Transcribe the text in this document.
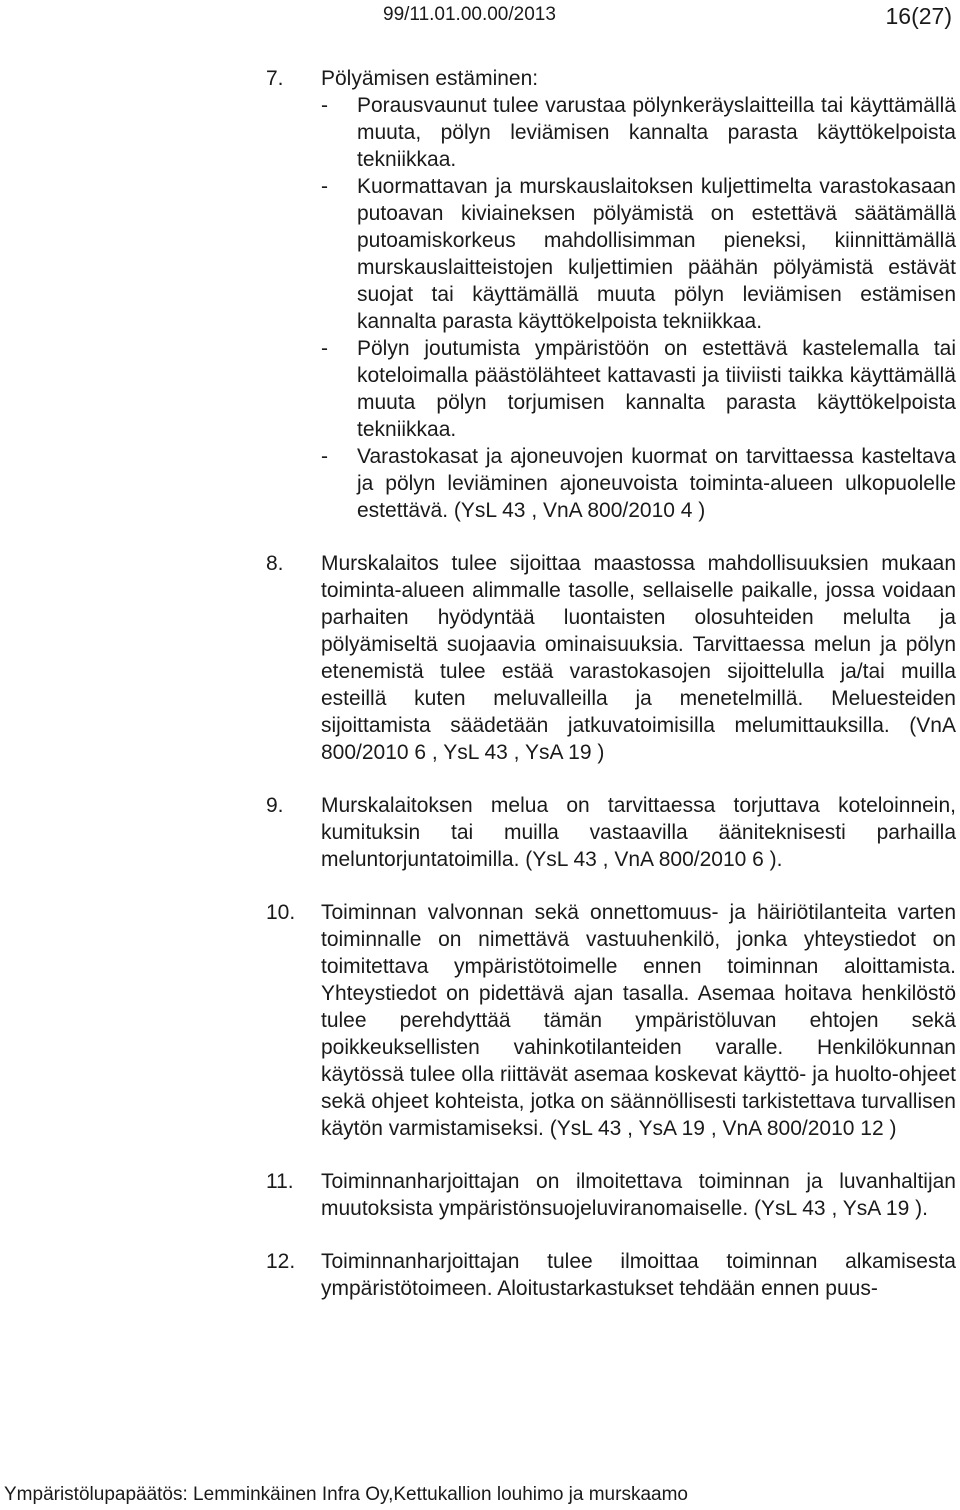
99/11.01.00.00/2013	16(27)
7. Pölyämisen estäminen:

- Porausvaunut tulee varustaa pölynkeräyslaitteilla tai käyttämällä muuta, pölyn leviämisen kannalta parasta käyttökelpoista tekniikkaa.
- Kuormattavan ja murskauslaitoksen kuljettimelta varastokasaan putoavan kiviaineksen pölyämistä on estettävä säätämällä putoamiskorkeus mahdollisimman pieneksi, kiinnittämällä murskauslaitteistojen kuljettimien päähän pölyämistä estävät suojat tai käyttämällä muuta pölyn leviämisen estämisen kannalta parasta käyttökelpoista tekniikkaa.
- Pölyn joutumista ympäristöön on estettävä kastelemalla tai koteloimalla päästölähteet kattavasti ja tiiviisti taikka käyttämällä muuta pölyn torjumisen kannalta parasta käyttökelpoista tekniikkaa.
- Varastokasat ja ajoneuvojen kuormat on tarvittaessa kasteltava ja pölyn leviäminen ajoneuvoista toiminta-alueen ulkopuolelle estettävä. (YsL 43 , VnA 800/2010 4 )
8. Murskalaitos tulee sijoittaa maastossa mahdollisuuksien mukaan toiminta-alueen alimmalle tasolle, sellaiselle paikalle, jossa voidaan parhaiten hyödyntää luontaisten olosuhteiden melulta ja pölyämiseltä suojaavia ominaisuuksia. Tarvittaessa melun ja pölyn etenemistä tulee estää varastokasojen sijoittelulla ja/tai muilla esteillä kuten meluvalleilla ja menetelmillä. Meluesteiden sijoittamista säädetään jatkuvatoimisilla melumittauksilla. (VnA 800/2010 6 , YsL 43 , YsA 19 )

9. Murskalaitoksen melua on tarvittaessa torjuttava koteloinnein, kumituksin tai muilla vastaavilla ääniteknisesti parhailla meluntorjuntatoimilla. (YsL 43 , VnA 800/2010 6 ).

10. Toiminnan valvonnan sekä onnettomuus- ja häiriötilanteita varten toiminnalle on nimettävä vastuuhenkilö, jonka yhteystiedot on toimitettava ympäristötoimelle ennen toiminnan aloittamista. Yhteystiedot on pidettävä ajan tasalla. Asemaa hoitava henkilöstö tulee perehdyttää tämän ympäristöluvan ehtojen sekä poikkeuksellisten vahinkotilanteiden varalle. Henkilökunnan käytössä tulee olla riittävät asemaa koskevat käyttö- ja huolto-ohjeet sekä ohjeet kohteista, jotka on säännöllisesti tarkistettava turvallisen käytön varmistamiseksi. (YsL 43 , YsA 19 , VnA 800/2010 12 )

11. Toiminnanharjoittajan on ilmoitettava toiminnan ja luvanhaltijan muutoksista ympäristönsuojeluviranomaiselle. (YsL 43 , YsA 19 ).

12. Toiminnanharjoittajan tulee ilmoittaa toiminnan alkamisesta ympäristötoimeen. Aloitustarkastukset tehdään ennen puus-

Ympäristölupapäätös: Lemminkäinen Infra Oy,Kettukallion louhimo ja murskaamo
